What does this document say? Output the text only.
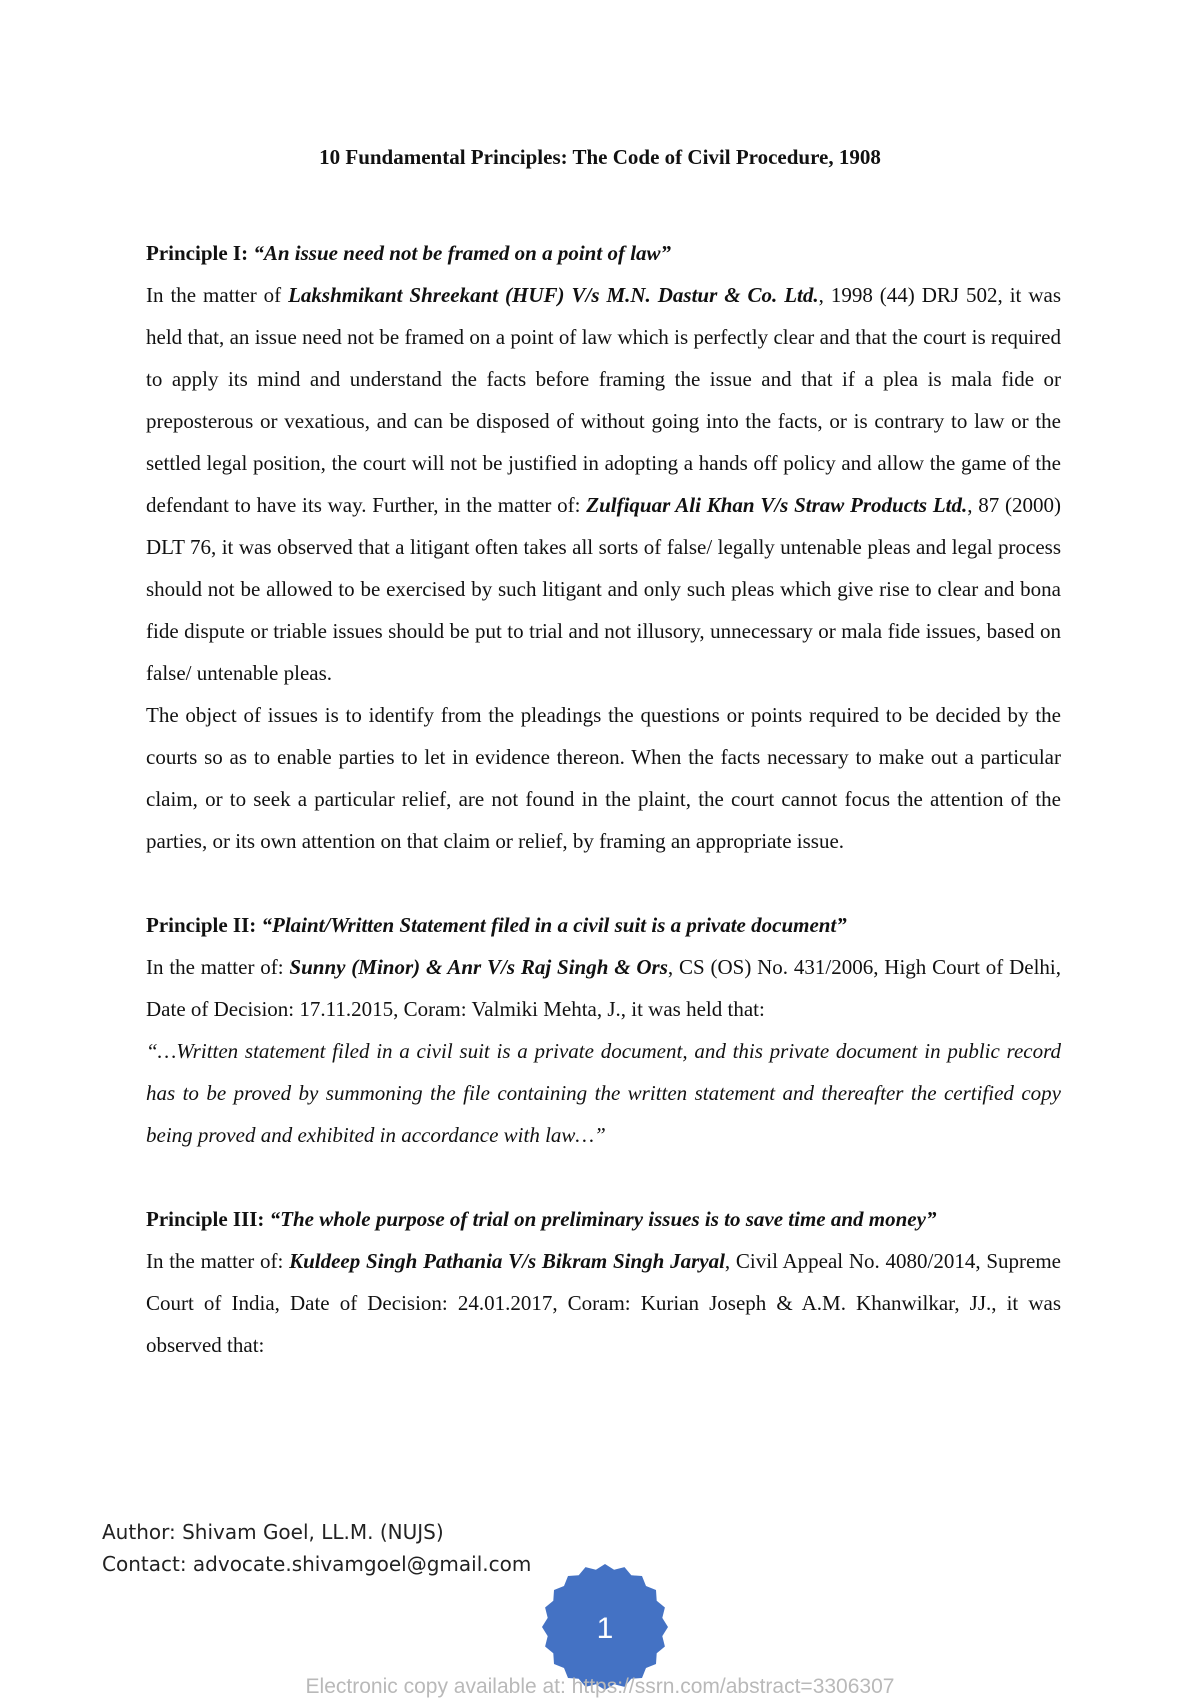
10 Fundamental Principles: The Code of Civil Procedure, 1908

Principle I: “An issue need not be framed on a point of law”

In the matter of Lakshmikant Shreekant (HUF) V/s M.N. Dastur & Co. Ltd., 1998 (44) DRJ 502, it was held that, an issue need not be framed on a point of law which is perfectly clear and that the court is required to apply its mind and understand the facts before framing the issue and that if a plea is mala fide or preposterous or vexatious, and can be disposed of without going into the facts, or is contrary to law or the settled legal position, the court will not be justified in adopting a hands off policy and allow the game of the defendant to have its way. Further, in the matter of: Zulfiquar Ali Khan V/s Straw Products Ltd., 87 (2000) DLT 76, it was observed that a litigant often takes all sorts of false/ legally untenable pleas and legal process should not be allowed to be exercised by such litigant and only such pleas which give rise to clear and bona fide dispute or triable issues should be put to trial and not illusory, unnecessary or mala fide issues, based on false/ untenable pleas.

The object of issues is to identify from the pleadings the questions or points required to be decided by the courts so as to enable parties to let in evidence thereon. When the facts necessary to make out a particular claim, or to seek a particular relief, are not found in the plaint, the court cannot focus the attention of the parties, or its own attention on that claim or relief, by framing an appropriate issue.

Principle II: “Plaint/Written Statement filed in a civil suit is a private document”

In the matter of: Sunny (Minor) & Anr V/s Raj Singh & Ors, CS (OS) No. 431/2006, High Court of Delhi, Date of Decision: 17.11.2015, Coram: Valmiki Mehta, J., it was held that:

“…Written statement filed in a civil suit is a private document, and this private document in public record has to be proved by summoning the file containing the written statement and thereafter the certified copy being proved and exhibited in accordance with law…”

Principle III: “The whole purpose of trial on preliminary issues is to save time and money”

In the matter of: Kuldeep Singh Pathania V/s Bikram Singh Jaryal, Civil Appeal No. 4080/2014, Supreme Court of India, Date of Decision: 24.01.2017, Coram: Kurian Joseph & A.M. Khanwilkar, JJ., it was observed that:

Author: Shivam Goel, LL.M. (NUJS)
Contact: advocate.shivamgoel@gmail.com
1
Electronic copy available at: https://ssrn.com/abstract=3306307
